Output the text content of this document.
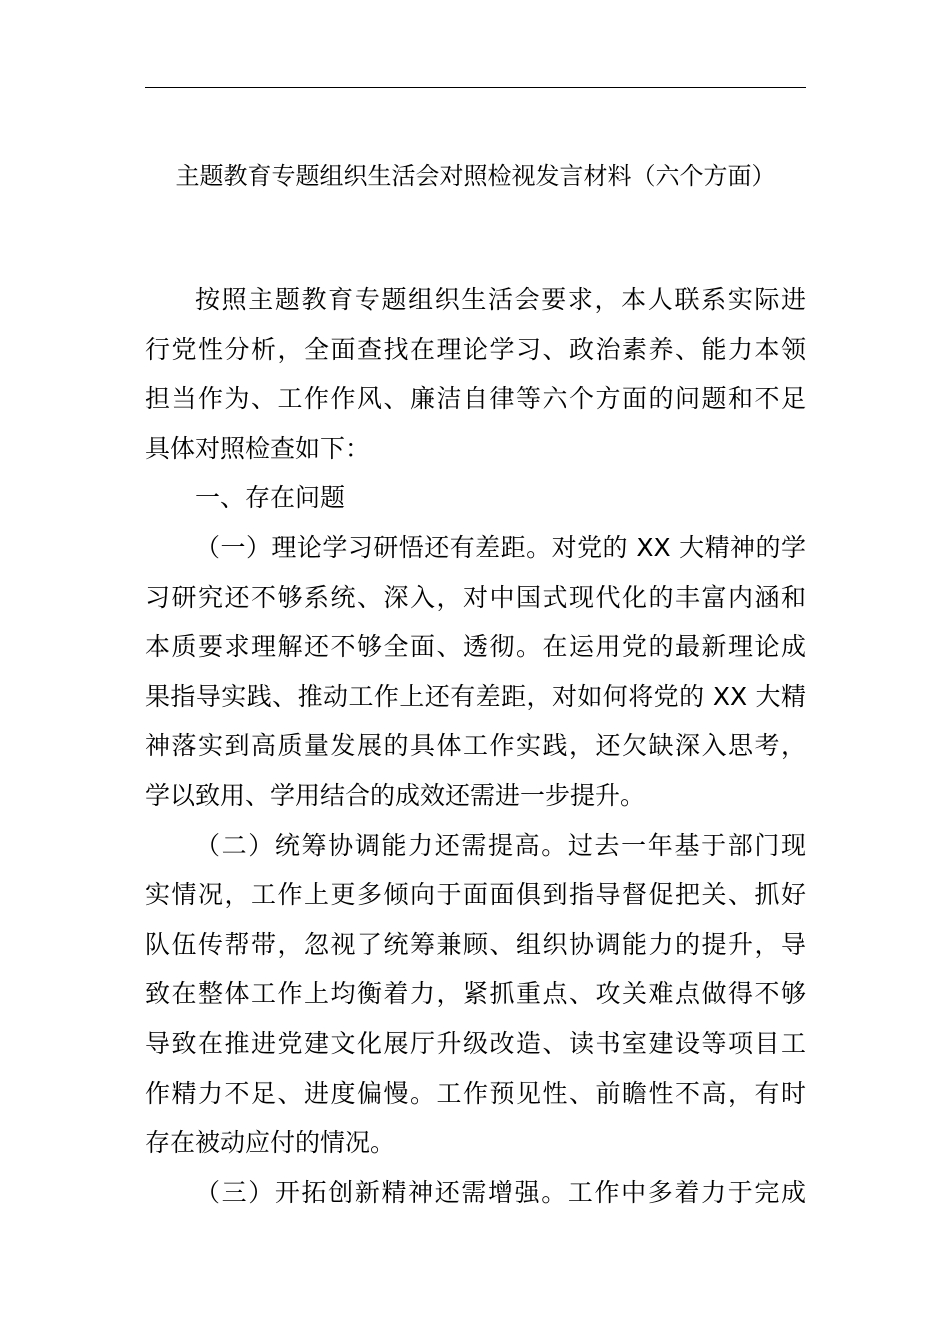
主题教育专题组织生活会对照检视发言材料（六个方面）

按照主题教育专题组织生活会要求，本人联系实际进
行党性分析，全面查找在理论学习、政治素养、能力本领
担当作为、工作作风、廉洁自律等六个方面的问题和不足
具体对照检查如下：

一、存在问题

（一）理论学习研悟还有差距。对党的 XX 大精神的学
习研究还不够系统、深入，对中国式现代化的丰富内涵和
本质要求理解还不够全面、透彻。在运用党的最新理论成
果指导实践、推动工作上还有差距，对如何将党的 XX 大精
神落实到高质量发展的具体工作实践，还欠缺深入思考，
学以致用、学用结合的成效还需进一步提升。

（二）统筹协调能力还需提高。过去一年基于部门现
实情况，工作上更多倾向于面面俱到指导督促把关、抓好
队伍传帮带，忽视了统筹兼顾、组织协调能力的提升，导
致在整体工作上均衡着力，紧抓重点、攻关难点做得不够
导致在推进党建文化展厅升级改造、读书室建设等项目工
作精力不足、进度偏慢。工作预见性、前瞻性不高，有时
存在被动应付的情况。

（三）开拓创新精神还需增强。工作中多着力于完成
